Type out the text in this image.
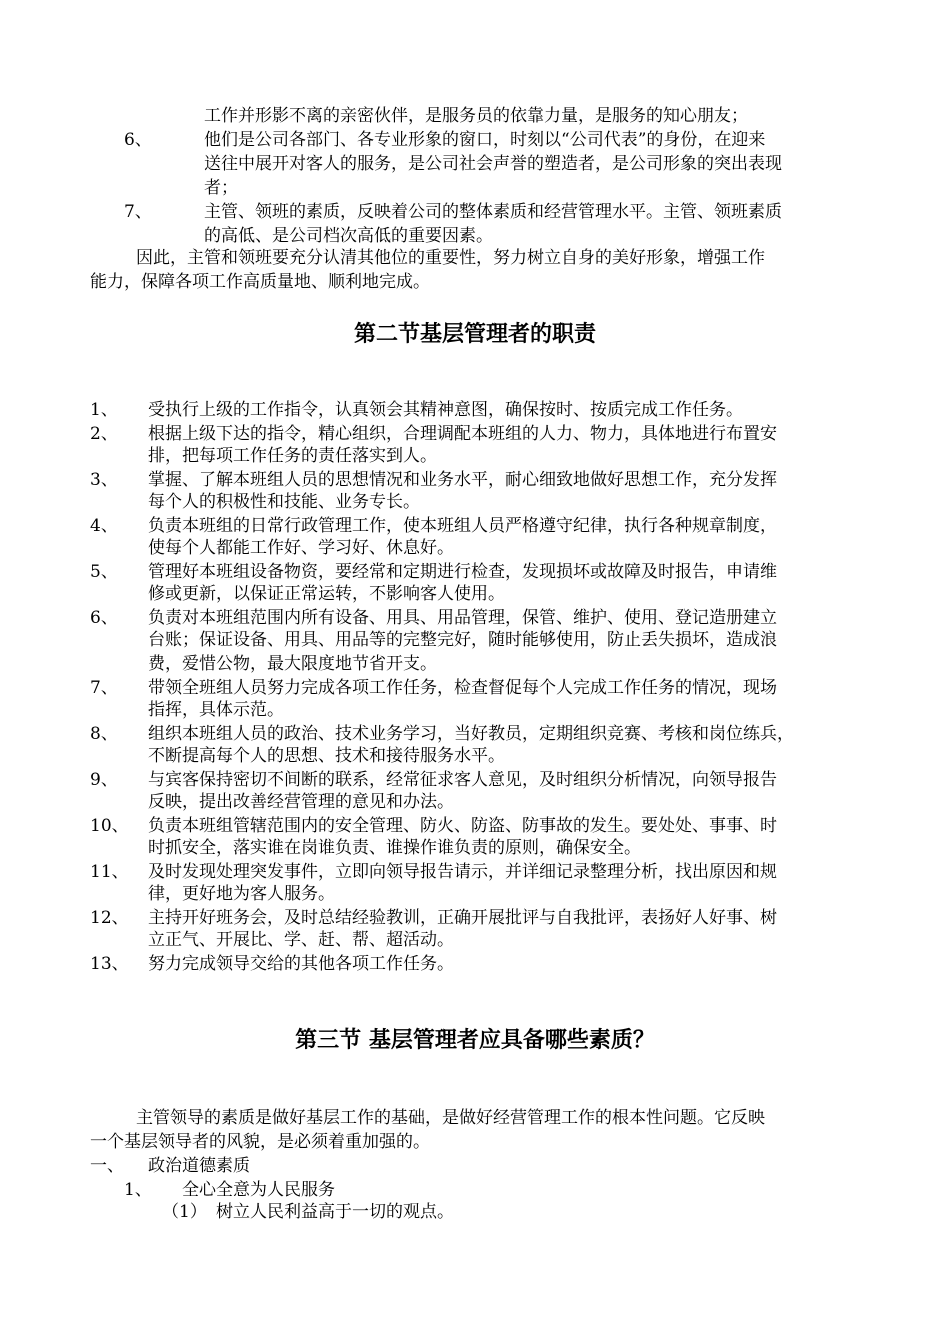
工作并形影不离的亲密伙伴，是服务员的依靠力量，是服务的知心朋友；
6、	他们是公司各部门、各专业形象的窗口，时刻以“公司代表”的身份，在迎来
送往中展开对客人的服务，是公司社会声誉的塑造者，是公司形象的突出表现
者；
7、	主管、领班的素质，反映着公司的整体素质和经营管理水平。主管、领班素质
的高低、是公司档次高低的重要因素。
因此，主管和领班要充分认清其他位的重要性，努力树立自身的美好形象，增强工作
能力，保障各项工作高质量地、顺利地完成。
第二节基层管理者的职责
1、 受执行上级的工作指令，认真领会其精神意图，确保按时、按质完成工作任务。
2、 根据上级下达的指令，精心组织，合理调配本班组的人力、物力，具体地进行布置安
排，把每项工作任务的责任落实到人。
3、 掌握、了解本班组人员的思想情况和业务水平，耐心细致地做好思想工作，充分发挥
每个人的积极性和技能、业务专长。
4、 负责本班组的日常行政管理工作，使本班组人员严格遵守纪律，执行各种规章制度，
使每个人都能工作好、学习好、休息好。
5、 管理好本班组设备物资，要经常和定期进行检查，发现损坏或故障及时报告，申请维
修或更新，以保证正常运转，不影响客人使用。
6、 负责对本班组范围内所有设备、用具、用品管理，保管、维护、使用、登记造册建立
台账；保证设备、用具、用品等的完整完好，随时能够使用，防止丢失损坏，造成浪
费，爱惜公物，最大限度地节省开支。
7、 带领全班组人员努力完成各项工作任务，检查督促每个人完成工作任务的情况，现场
指挥，具体示范。
8、 组织本班组人员的政治、技术业务学习，当好教员，定期组织竞赛、考核和岗位练兵，
不断提高每个人的思想、技术和接待服务水平。
9、 与宾客保持密切不间断的联系，经常征求客人意见，及时组织分析情况，向领导报告
反映，提出改善经营管理的意见和办法。
10、 负责本班组管辖范围内的安全管理、防火、防盗、防事故的发生。要处处、事事、时
时抓安全，落实谁在岗谁负责、谁操作谁负责的原则，确保安全。
11、 及时发现处理突发事件，立即向领导报告请示，并详细记录整理分析，找出原因和规
律，更好地为客人服务。
12、 主持开好班务会，及时总结经验教训，正确开展批评与自我批评，表扬好人好事、树
立正气、开展比、学、赶、帮、超活动。
13、 努力完成领导交给的其他各项工作任务。
第三节 基层管理者应具备哪些素质？
主管领导的素质是做好基层工作的基础，是做好经营管理工作的根本性问题。它反映
一个基层领导者的风貌，是必须着重加强的。
一、 政治道德素质
1、 全心全意为人民服务
（1） 树立人民利益高于一切的观点。
